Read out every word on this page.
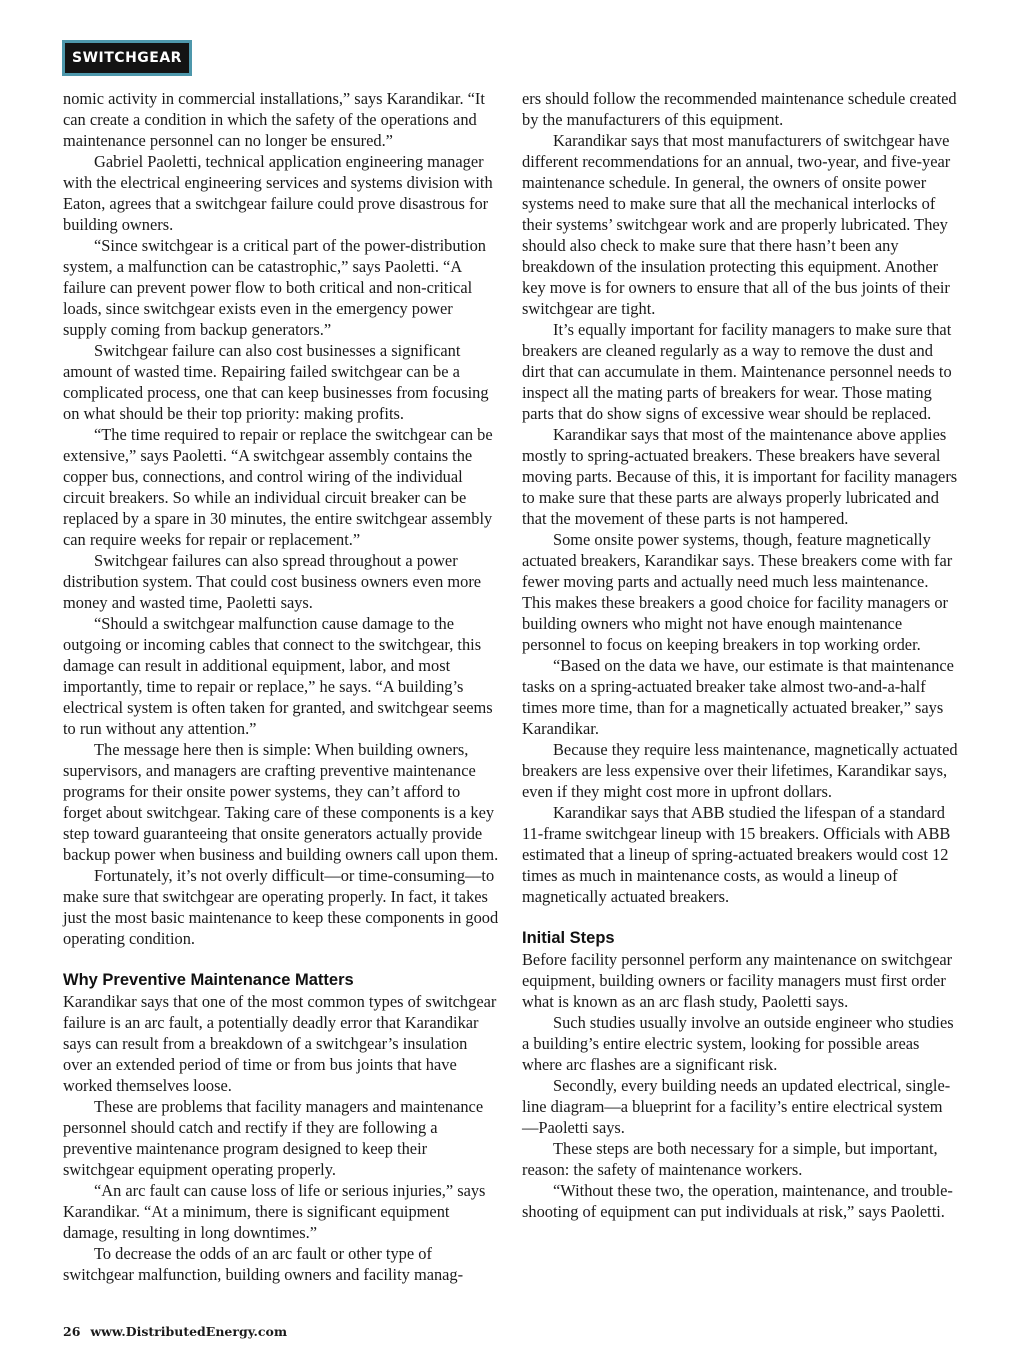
SWITCHGEAR

nomic activity in commercial installations,” says Karandikar. “It can create a condition in which the safety of the operations and maintenance personnel can no longer be ensured.”

Gabriel Paoletti, technical application engineering manager with the electrical engineering services and systems division with Eaton, agrees that a switchgear failure could prove disastrous for building owners.

“Since switchgear is a critical part of the power-distribution system, a malfunction can be catastrophic,” says Paoletti. “A failure can prevent power flow to both critical and non-critical loads, since switchgear exists even in the emergency power supply coming from backup generators.”

Switchgear failure can also cost businesses a significant amount of wasted time. Repairing failed switchgear can be a complicated process, one that can keep businesses from focusing on what should be their top priority: making profits.

“The time required to repair or replace the switchgear can be extensive,” says Paoletti. “A switchgear assembly contains the copper bus, connections, and control wiring of the individual circuit breakers. So while an individual circuit breaker can be replaced by a spare in 30 minutes, the entire switchgear assembly can require weeks for repair or replacement.”

Switchgear failures can also spread throughout a power distribution system. That could cost business owners even more money and wasted time, Paoletti says.

“Should a switchgear malfunction cause damage to the outgoing or incoming cables that connect to the switchgear, this damage can result in additional equipment, labor, and most importantly, time to repair or replace,” he says. “A building’s electrical system is often taken for granted, and switchgear seems to run without any attention.”

The message here then is simple: When building owners, supervisors, and managers are crafting preventive maintenance programs for their onsite power systems, they can’t afford to forget about switchgear. Taking care of these components is a key step toward guaranteeing that onsite generators actually provide backup power when business and building owners call upon them.

Fortunately, it’s not overly difficult—or time-consuming—to make sure that switchgear are operating properly. In fact, it takes just the most basic maintenance to keep these components in good operating condition.

Why Preventive Maintenance Matters

Karandikar says that one of the most common types of switchgear failure is an arc fault, a potentially deadly error that Karandikar says can result from a breakdown of a switchgear’s insulation over an extended period of time or from bus joints that have worked themselves loose.

These are problems that facility managers and maintenance personnel should catch and rectify if they are following a preventive maintenance program designed to keep their switchgear equipment operating properly.

“An arc fault can cause loss of life or serious injuries,” says Karandikar. “At a minimum, there is significant equipment damage, resulting in long downtimes.”

To decrease the odds of an arc fault or other type of switchgear malfunction, building owners and facility manag-

ers should follow the recommended maintenance schedule created by the manufacturers of this equipment.

Karandikar says that most manufacturers of switchgear have different recommendations for an annual, two-year, and five-year maintenance schedule. In general, the owners of onsite power systems need to make sure that all the mechanical interlocks of their systems’ switchgear work and are properly lubricated. They should also check to make sure that there hasn’t been any breakdown of the insulation protecting this equipment. Another key move is for owners to ensure that all of the bus joints of their switchgear are tight.

It’s equally important for facility managers to make sure that breakers are cleaned regularly as a way to remove the dust and dirt that can accumulate in them. Maintenance personnel needs to inspect all the mating parts of breakers for wear. Those mating parts that do show signs of excessive wear should be replaced.

Karandikar says that most of the maintenance above applies mostly to spring-actuated breakers. These breakers have several moving parts. Because of this, it is important for facility managers to make sure that these parts are always properly lubricated and that the movement of these parts is not hampered.

Some onsite power systems, though, feature magnetically actuated breakers, Karandikar says. These breakers come with far fewer moving parts and actually need much less maintenance. This makes these breakers a good choice for facility managers or building owners who might not have enough maintenance personnel to focus on keeping breakers in top working order.

“Based on the data we have, our estimate is that maintenance tasks on a spring-actuated breaker take almost two-and-a-half times more time, than for a magnetically actuated breaker,” says Karandikar.

Because they require less maintenance, magnetically actuated breakers are less expensive over their lifetimes, Karandikar says, even if they might cost more in upfront dollars.

Karandikar says that ABB studied the lifespan of a standard 11-frame switchgear lineup with 15 breakers. Officials with ABB estimated that a lineup of spring-actuated breakers would cost 12 times as much in maintenance costs, as would a lineup of magnetically actuated breakers.

Initial Steps

Before facility personnel perform any maintenance on switchgear equipment, building owners or facility managers must first order what is known as an arc flash study, Paoletti says.

Such studies usually involve an outside engineer who studies a building’s entire electric system, looking for possible areas where arc flashes are a significant risk.

Secondly, every building needs an updated electrical, single-line diagram—a blueprint for a facility’s entire electrical system—Paoletti says.

These steps are both necessary for a simple, but important, reason: the safety of maintenance workers.

“Without these two, the operation, maintenance, and trouble-shooting of equipment can put individuals at risk,” says Paoletti.

26 www.DistributedEnergy.com
